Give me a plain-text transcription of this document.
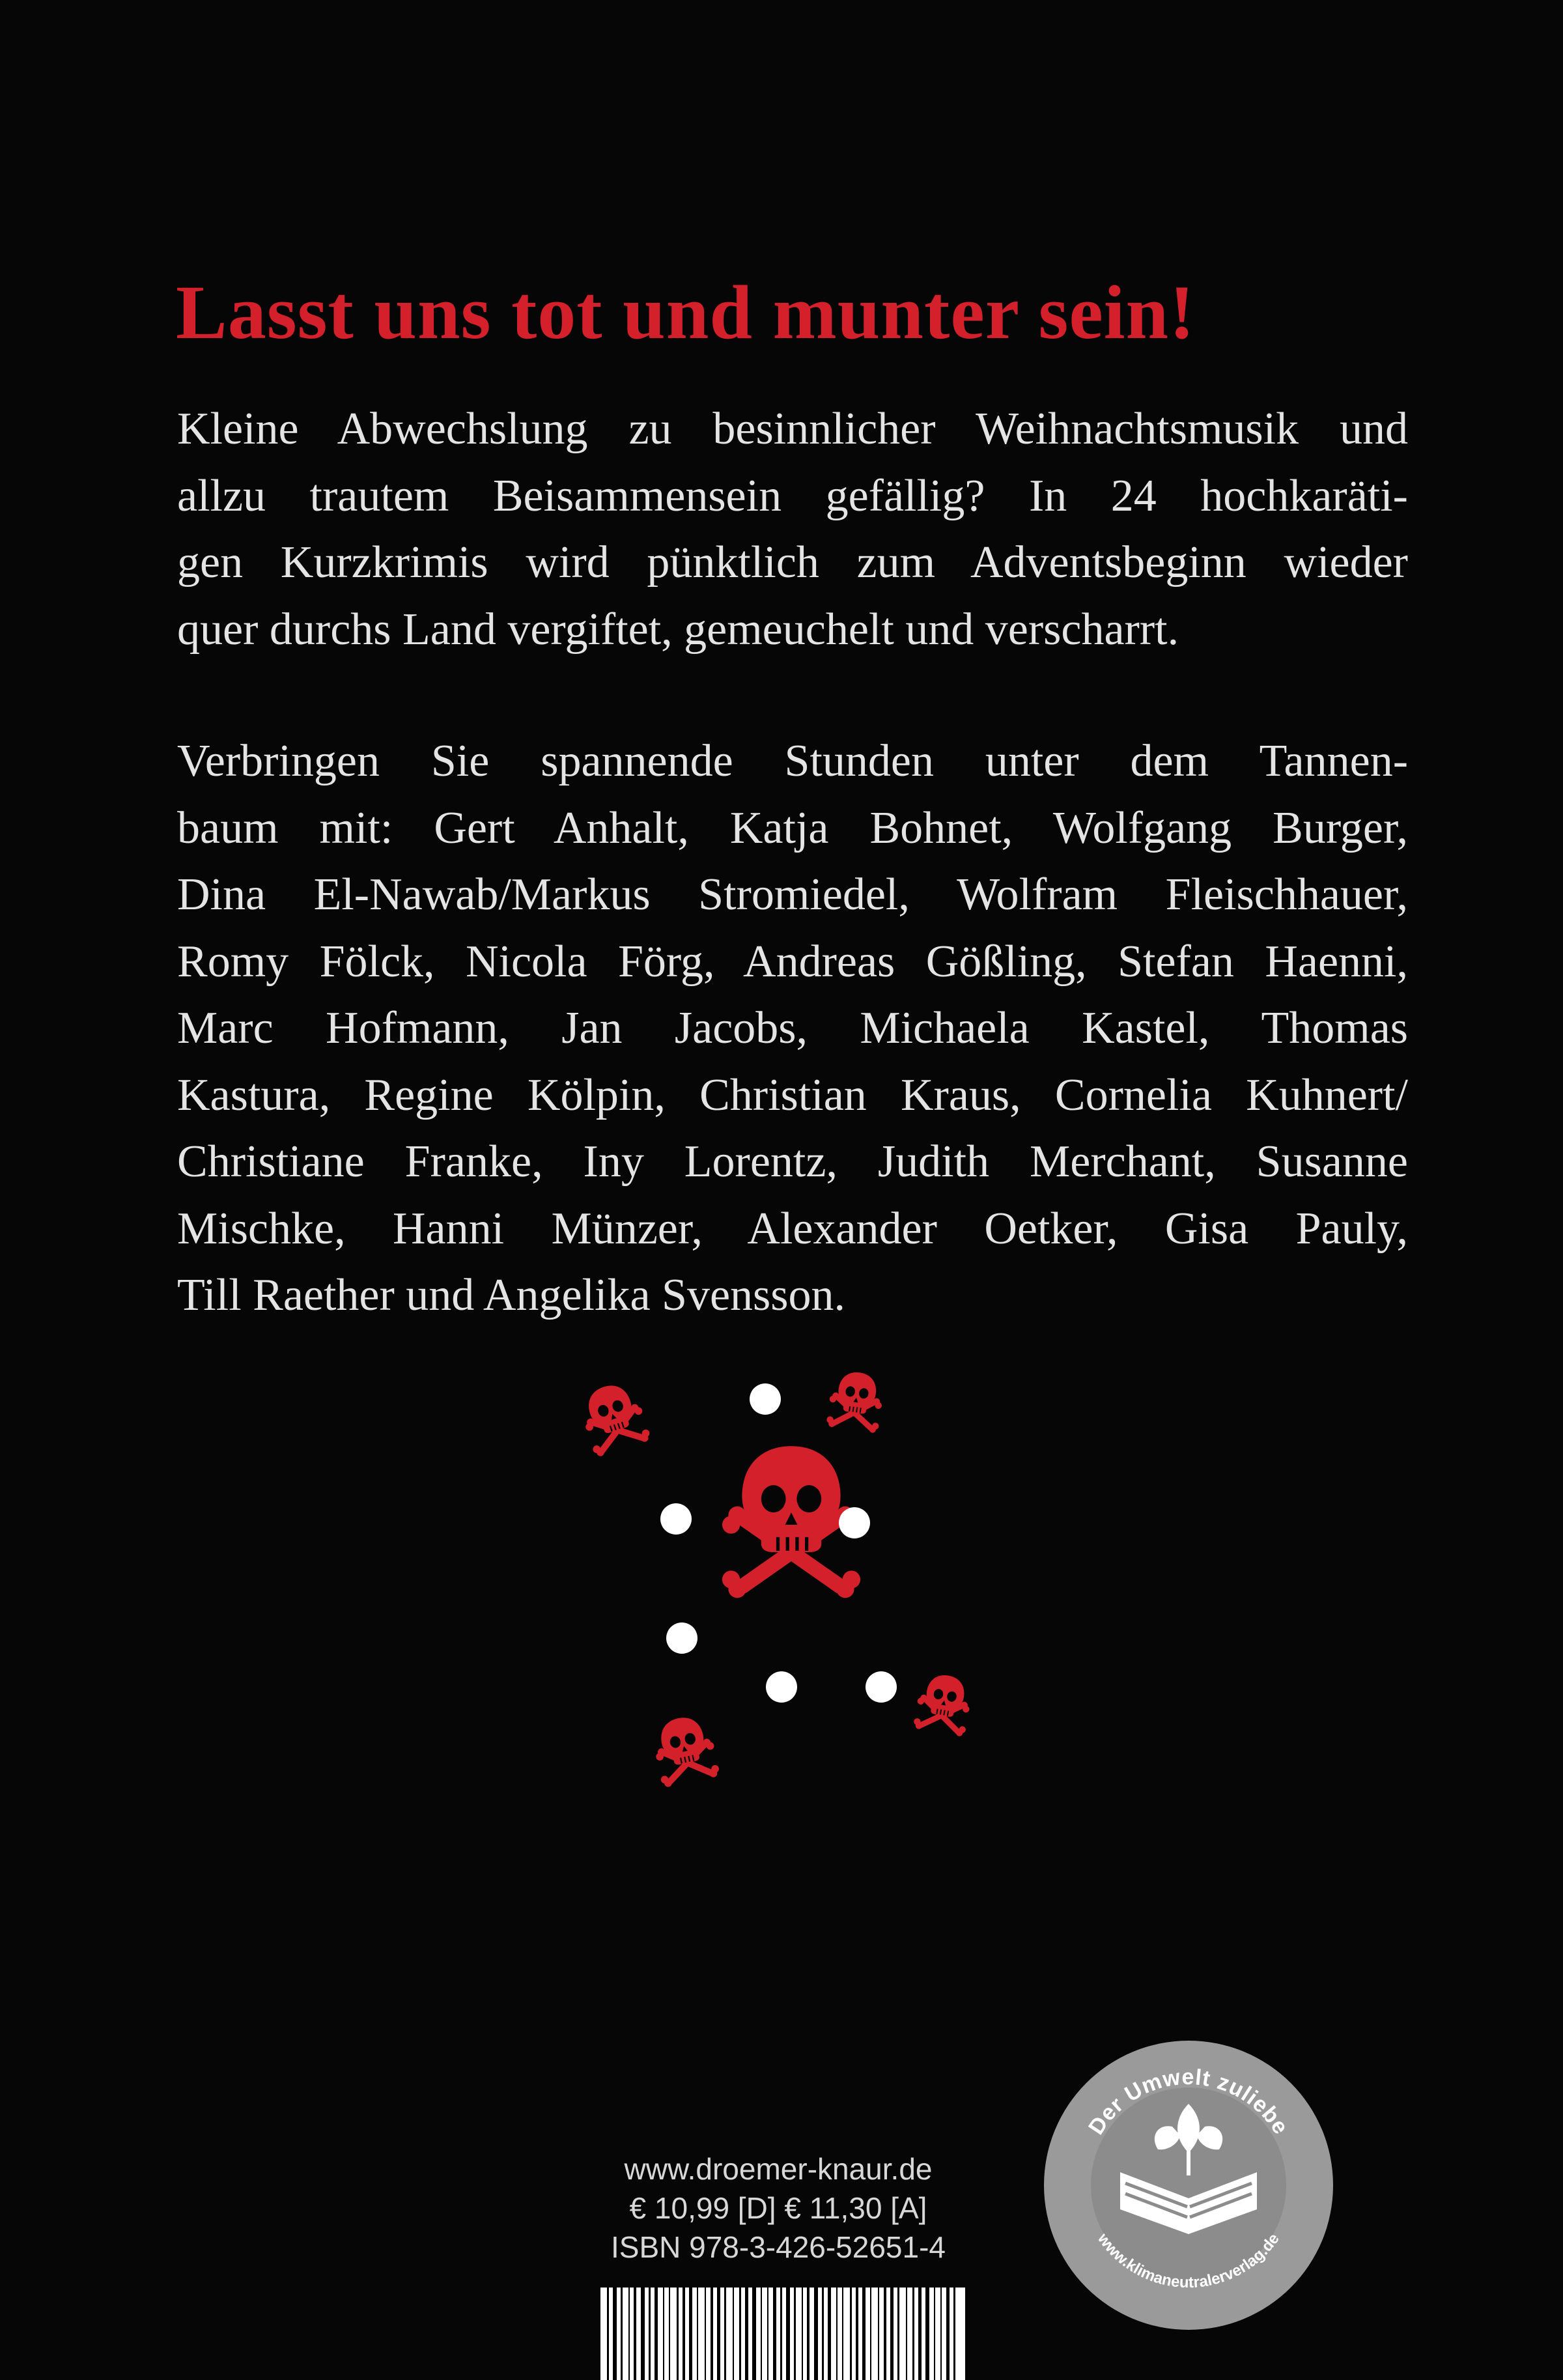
Lasst uns tot und munter sein!

Kleine Abwechslung zu besinnlicher Weihnachtsmusik und
allzu trautem Beisammensein gefällig? In 24 hochkaräti-
gen Kurzkrimis wird pünktlich zum Adventsbeginn wieder
quer durchs Land vergiftet, gemeuchelt und verscharrt.

Verbringen Sie spannende Stunden unter dem Tannen-
baum mit: Gert Anhalt, Katja Bohnet, Wolfgang Burger,
Dina El-Nawab/Markus Stromiedel, Wolfram Fleischhauer,
Romy Fölck, Nicola Förg, Andreas Gößling, Stefan Haenni,
Marc Hofmann, Jan Jacobs, Michaela Kastel, Thomas
Kastura, Regine Kölpin, Christian Kraus, Cornelia Kuhnert/
Christiane Franke, Iny Lorentz, Judith Merchant, Susanne
Mischke, Hanni Münzer, Alexander Oetker, Gisa Pauly,
Till Raether und Angelika Svensson.

www.droemer-knaur.de
€ 10,99 [D] € 11,30 [A]
ISBN 978-3-426-52651-4
Der Umwelt zuliebe
www.klimaneutralerverlag.de
